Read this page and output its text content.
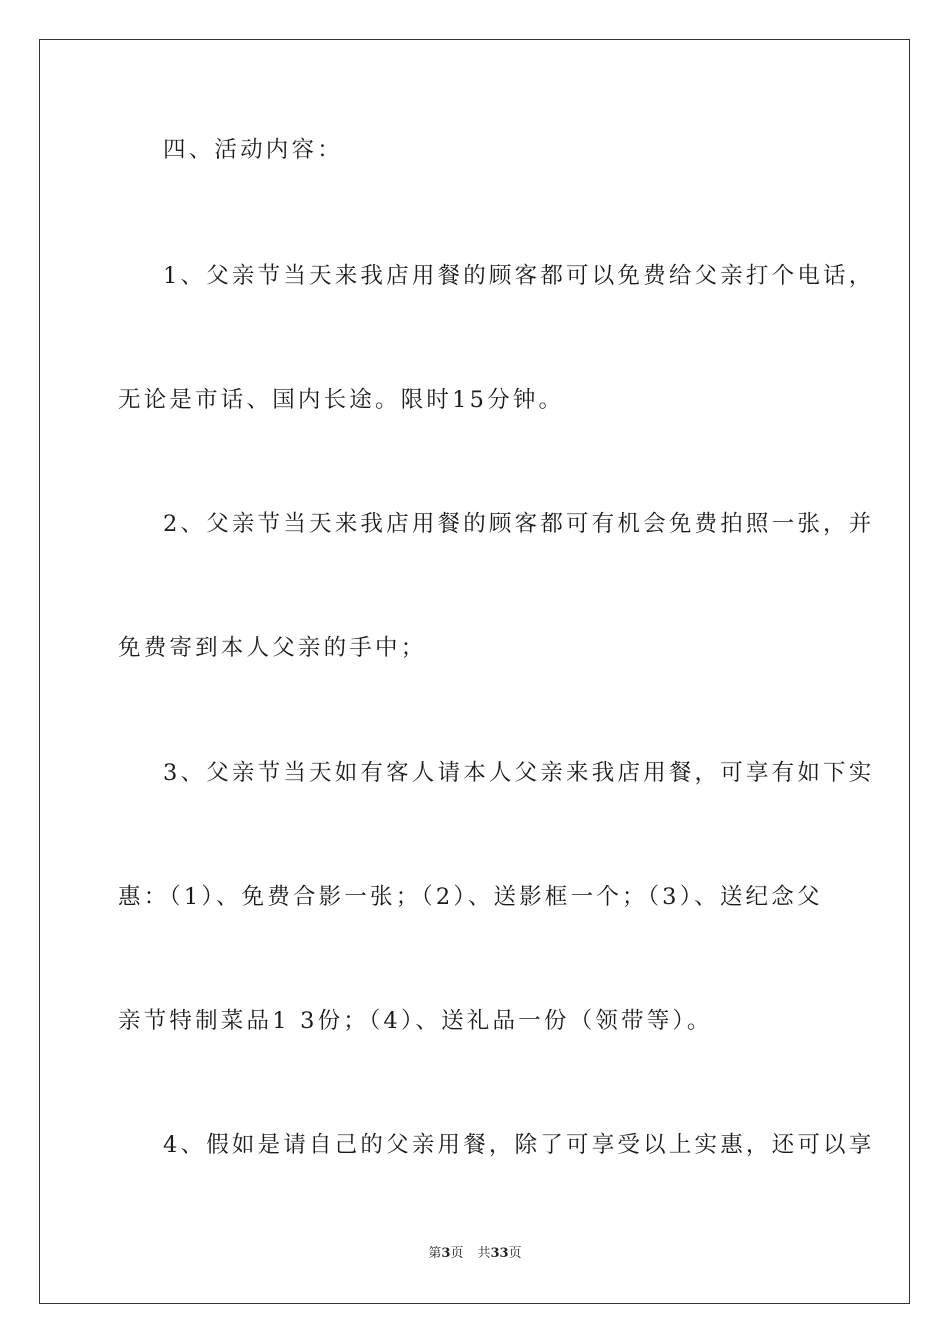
四、活动内容：
1、父亲节当天来我店用餐的顾客都可以免费给父亲打个电话，
无论是市话、国内长途。限时15分钟。
2、父亲节当天来我店用餐的顾客都可有机会免费拍照一张，并
免费寄到本人父亲的手中；
3、父亲节当天如有客人请本人父亲来我店用餐，可享有如下实
惠：（1）、免费合影一张；（2）、送影框一个；（3）、送纪念父
亲节特制菜品1 3份；（4）、送礼品一份（领带等）。
4、假如是请自己的父亲用餐，除了可享受以上实惠，还可以享
第3页 共33页
